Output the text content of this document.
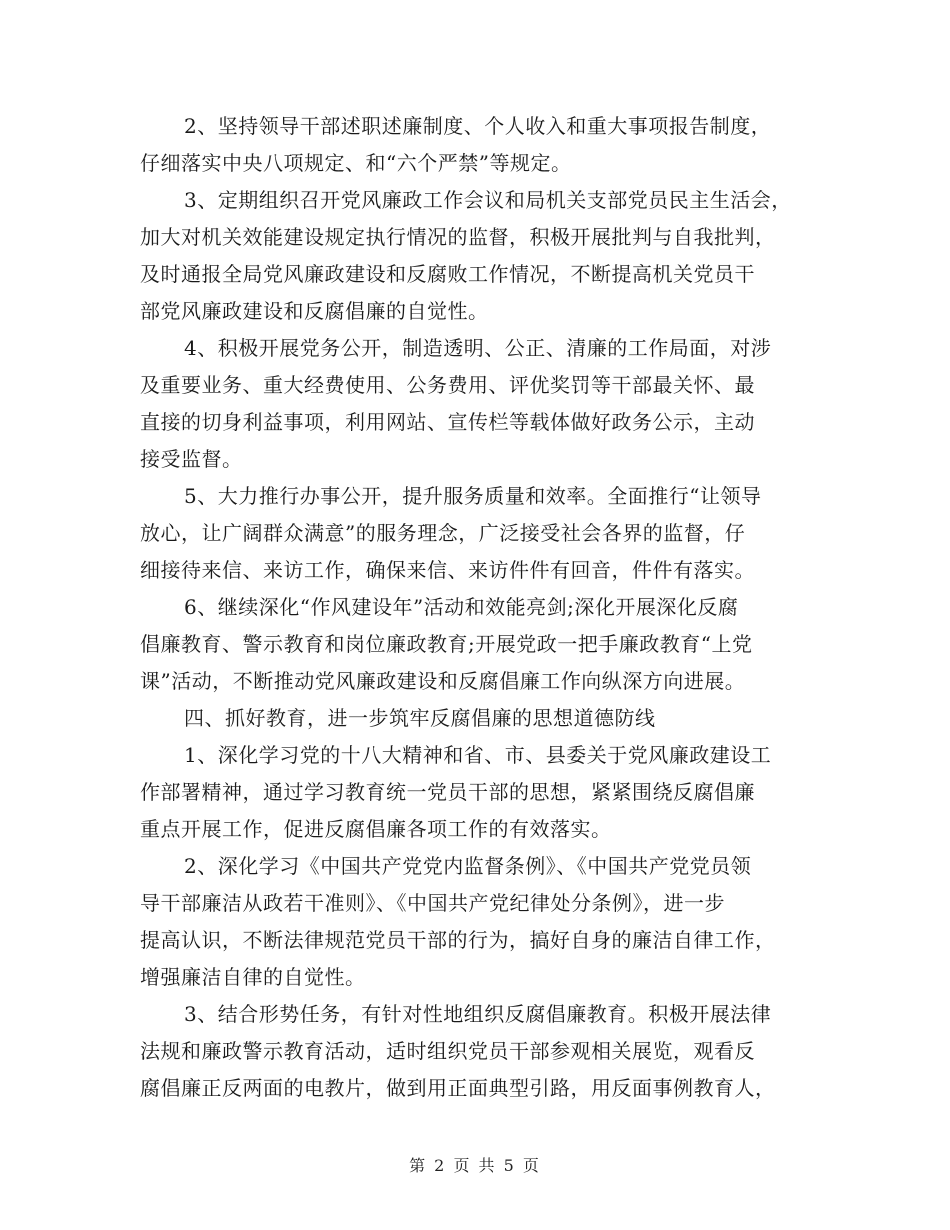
2、坚持领导干部述职述廉制度、个人收入和重大事项报告制度，
仔细落实中央八项规定、和“六个严禁”等规定。
3、定期组织召开党风廉政工作会议和局机关支部党员民主生活会，
加大对机关效能建设规定执行情况的监督，积极开展批判与自我批判，
及时通报全局党风廉政建设和反腐败工作情况，不断提高机关党员干
部党风廉政建设和反腐倡廉的自觉性。
4、积极开展党务公开，制造透明、公正、清廉的工作局面，对涉
及重要业务、重大经费使用、公务费用、评优奖罚等干部最关怀、最
直接的切身利益事项，利用网站、宣传栏等载体做好政务公示，主动
接受监督。
5、大力推行办事公开，提升服务质量和效率。全面推行“让领导
放心，让广阔群众满意”的服务理念，广泛接受社会各界的监督，仔
细接待来信、来访工作，确保来信、来访件件有回音，件件有落实。
6、继续深化“作风建设年”活动和效能亮剑;深化开展深化反腐
倡廉教育、警示教育和岗位廉政教育;开展党政一把手廉政教育“上党
课”活动，不断推动党风廉政建设和反腐倡廉工作向纵深方向进展。
四、抓好教育，进一步筑牢反腐倡廉的思想道德防线
1、深化学习党的十八大精神和省、市、县委关于党风廉政建设工
作部署精神，通过学习教育统一党员干部的思想，紧紧围绕反腐倡廉
重点开展工作，促进反腐倡廉各项工作的有效落实。
2、深化学习《中国共产党党内监督条例》、《中国共产党党员领
导干部廉洁从政若干准则》、《中国共产党纪律处分条例》，进一步
提高认识，不断法律规范党员干部的行为，搞好自身的廉洁自律工作，
增强廉洁自律的自觉性。
3、结合形势任务，有针对性地组织反腐倡廉教育。积极开展法律
法规和廉政警示教育活动，适时组织党员干部参观相关展览，观看反
腐倡廉正反两面的电教片，做到用正面典型引路，用反面事例教育人，
第 2 页 共 5 页
